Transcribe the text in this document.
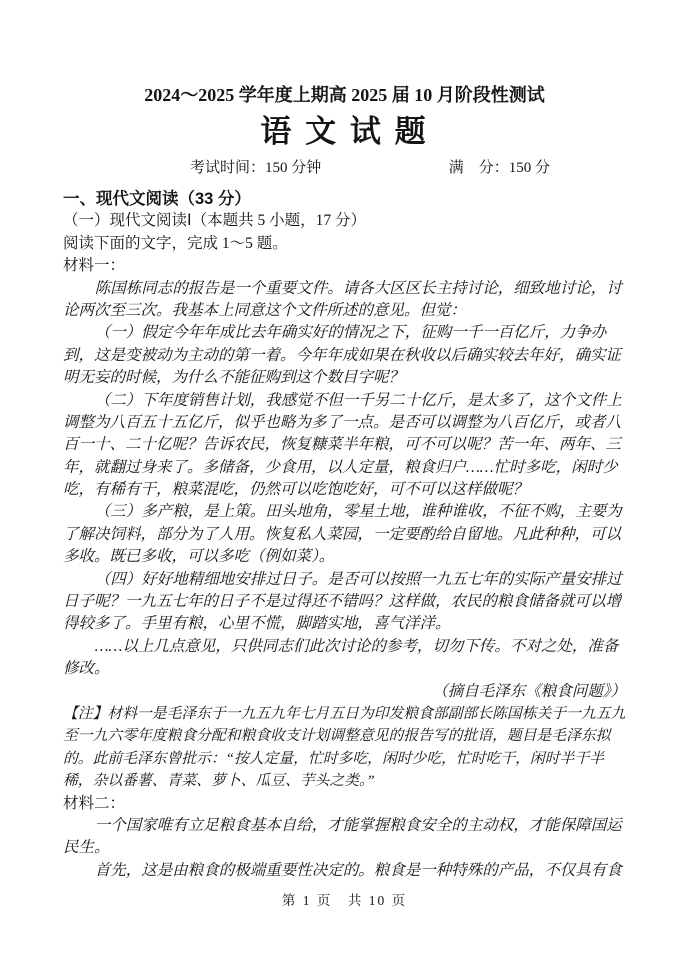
2024～2025 学年度上期高 2025 届 10 月阶段性测试
语 文 试 题
考试时间：150 分钟	满　分：150 分
一、现代文阅读（33 分）
（一）现代文阅读Ⅰ（本题共 5 小题，17 分）
阅读下面的文字，完成 1～5 题。
材料一：
陈国栋同志的报告是一个重要文件。请各大区区长主持讨论，细致地讨论，讨
论两次至三次。我基本上同意这个文件所述的意见。但觉：
（一）假定今年年成比去年确实好的情况之下，征购一千一百亿斤，力争办
到，这是变被动为主动的第一着。今年年成如果在秋收以后确实较去年好，确实证
明无妄的时候，为什么不能征购到这个数目字呢？
（二）下年度销售计划，我感觉不但一千另二十亿斤，是太多了，这个文件上
调整为八百五十五亿斤，似乎也略为多了一点。是否可以调整为八百亿斤，或者八
百一十、二十亿呢？告诉农民，恢复糠菜半年粮，可不可以呢？苦一年、两年、三
年，就翻过身来了。多储备，少食用，以人定量，粮食归户……忙时多吃，闲时少
吃，有稀有干，粮菜混吃，仍然可以吃饱吃好，可不可以这样做呢？
（三）多产粮，是上策。田头地角，零星土地，谁种谁收，不征不购，主要为
了解决饲料，部分为了人用。恢复私人菜园，一定要酌给自留地。凡此种种，可以
多收。既已多收，可以多吃（例如菜）。
（四）好好地精细地安排过日子。是否可以按照一九五七年的实际产量安排过
日子呢？一九五七年的日子不是过得还不错吗？这样做，农民的粮食储备就可以增
得较多了。手里有粮，心里不慌，脚踏实地，喜气洋洋。
……以上几点意见，只供同志们此次讨论的参考，切勿下传。不对之处，准备
修改。
（摘自毛泽东《粮食问题》）
【注】材料一是毛泽东于一九五九年七月五日为印发粮食部副部长陈国栋关于一九五九
至一九六零年度粮食分配和粮食收支计划调整意见的报告写的批语，题目是毛泽东拟
的。此前毛泽东曾批示：“按人定量，忙时多吃，闲时少吃，忙时吃干，闲时半干半
稀，杂以番薯、青菜、萝卜、瓜豆、芋头之类。”
材料二：
一个国家唯有立足粮食基本自给，才能掌握粮食安全的主动权，才能保障国运
民生。
首先，这是由粮食的极端重要性决定的。粮食是一种特殊的产品，不仅具有食
第 1 页　共 10 页
